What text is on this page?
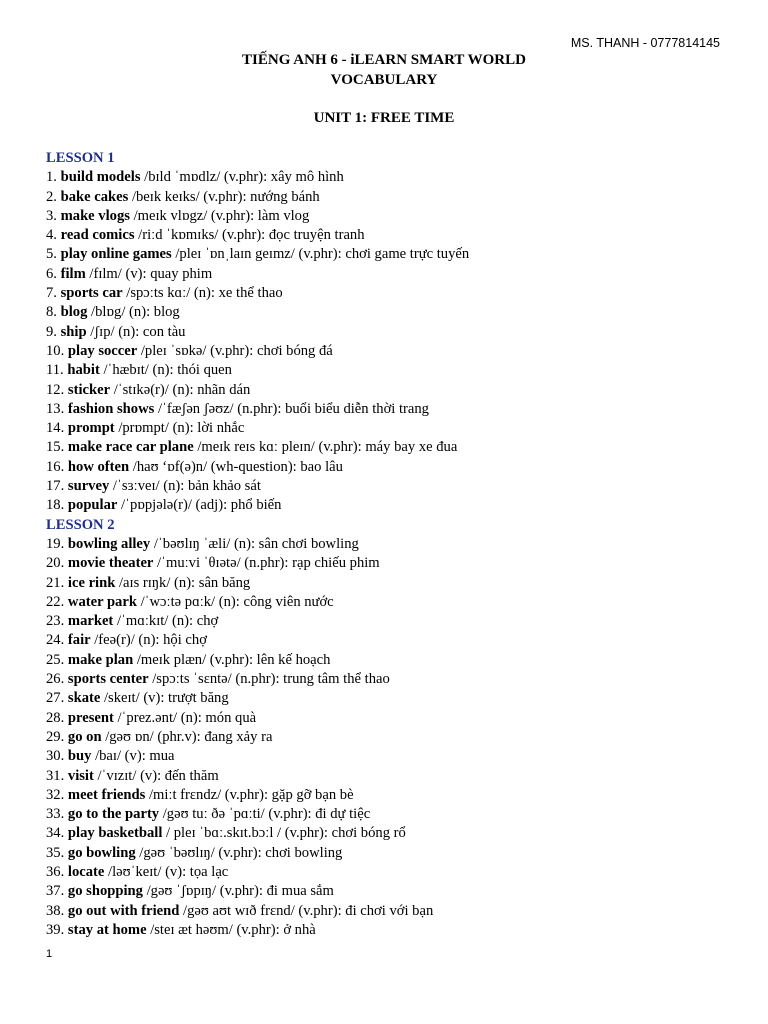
MS. THANH - 0777814145
TIẾNG ANH 6 - iLEARN SMART WORLD
VOCABULARY
UNIT 1: FREE TIME
LESSON 1
1. build models /bɪld ˈmɒdlz/ (v.phr): xây mô hình
2. bake cakes /beɪk keɪks/ (v.phr): nướng bánh
3. make vlogs /meɪk vlɒgz/ (v.phr): làm vlog
4. read comics /riːd ˈkɒmɪks/ (v.phr): đọc truyện tranh
5. play online games /pleɪ ˈɒnˌlaɪn geɪmz/ (v.phr): chơi game trực tuyến
6. film /fɪlm/ (v): quay phim
7. sports car /spɔːts kɑː/ (n): xe thể thao
8. blog /blɒg/ (n): blog
9. ship /ʃɪp/ (n): con tàu
10. play soccer /pleɪ ˈsɒkə/ (v.phr): chơi bóng đá
11. habit /ˈhæbɪt/ (n): thói quen
12. sticker /ˈstɪkə(r)/ (n): nhãn dán
13. fashion shows /ˈfæʃən ʃəʊz/ (n.phr): buổi biểu diễn thời trang
14. prompt /prɒmpt/ (n): lời nhắc
15. make race car plane /meɪk reɪs kɑː pleɪn/ (v.phr): máy bay xe đua
16. how often /haʊ ‘ɒf(ə)n/ (wh-question): bao lâu
17. survey /ˈsɜːveɪ/ (n): bản khảo sát
18. popular /ˈpɒpjələ(r)/ (adj): phổ biến
LESSON 2
19. bowling alley /ˈbəʊlɪŋ ˈæli/ (n): sân chơi bowling
20. movie theater /ˈmuːvi ˈθɪətə/ (n.phr): rạp chiếu phim
21. ice rink /aɪs rɪŋk/ (n): sân băng
22. water park /ˈwɔːtə pɑːk/ (n): công viên nước
23. market /ˈmɑːkɪt/ (n): chợ
24. fair /feə(r)/ (n): hội chợ
25. make plan /meɪk plæn/ (v.phr): lên kế hoạch
26. sports center /spɔːts ˈsɛntə/ (n.phr): trung tâm thể thao
27. skate /skeɪt/ (v): trượt băng
28. present /ˈprez.ənt/ (n): món quà
29. go on /gəʊ ɒn/ (phr.v): đang xảy ra
30. buy /baɪ/ (v): mua
31. visit /ˈvɪzɪt/ (v): đến thăm
32. meet friends /miːt frɛndz/ (v.phr): gặp gỡ bạn bè
33. go to the party /gəʊ tuː ðə ˈpɑːti/ (v.phr): đi dự tiệc
34. play basketball / pleɪ ˈbɑː.skɪt.bɔːl / (v.phr): chơi bóng rổ
35. go bowling /gəʊ ˈbəʊlɪŋ/ (v.phr): chơi bowling
36. locate /ləʊˈkeɪt/ (v): tọa lạc
37. go shopping /gəʊ ˈʃɒpɪŋ/ (v.phr): đi mua sắm
38. go out with friend /gəʊ aʊt wɪð frɛnd/ (v.phr): đi chơi với bạn
39. stay at home /steɪ æt həʊm/ (v.phr): ở nhà
1
